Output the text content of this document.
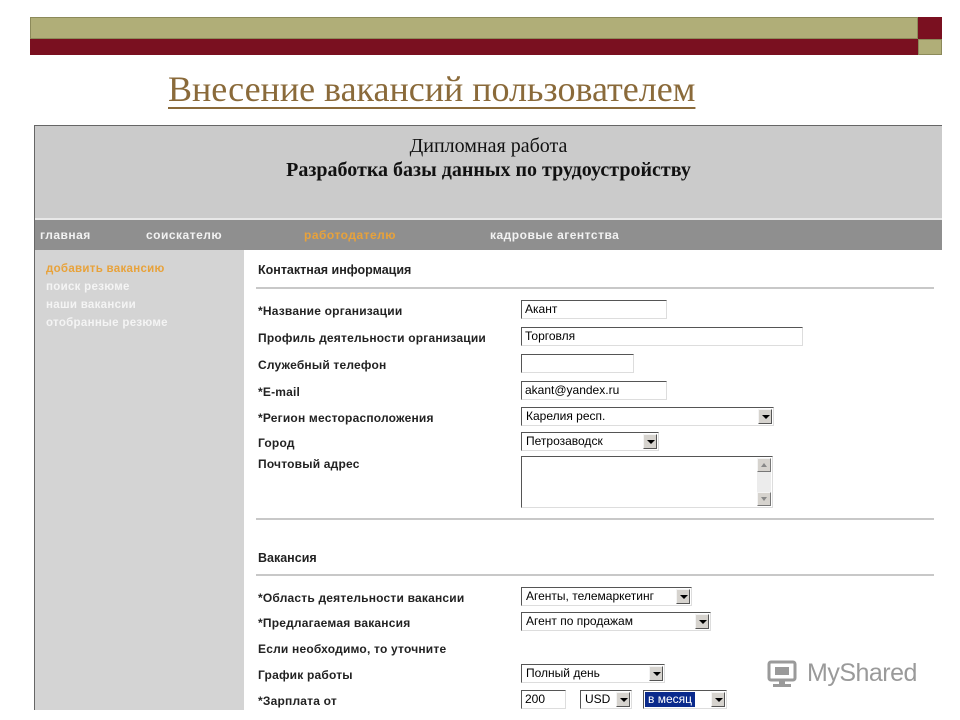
Внесение вакансий пользователем
Дипломная работа
Разработка базы данных по трудоустройству
главная	соискателю	работодателю	кадровые агентства
добавить вакансию
поиск резюме
наши вакансии
отобранные резюме
Контактная информация
*Название организации	Акант
Профиль деятельности организации	Торговля
Служебный телефон
*E-mail	akant@yandex.ru
*Регион месторасположения	Карелия респ.
Город	Петрозаводск
Почтовый адрес
Вакансия
*Область деятельности вакансии	Агенты, телемаркетинг
*Предлагаемая вакансия	Агент по продажам
Если необходимо, то уточните
График работы	Полный день
*Зарплата от	200	USD	в месяц
MyShared
